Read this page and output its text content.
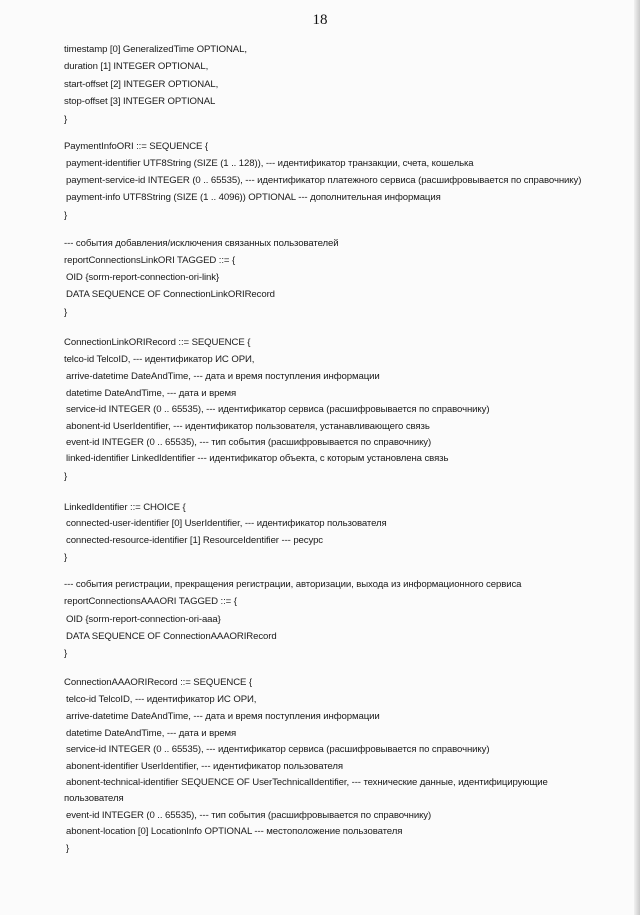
18
timestamp [0] GeneralizedTime OPTIONAL,
duration [1] INTEGER OPTIONAL,
start-offset [2] INTEGER OPTIONAL,
stop-offset [3] INTEGER OPTIONAL
}
PaymentInfoORI ::= SEQUENCE {
payment-identifier UTF8String (SIZE (1 .. 128)), --- идентификатор транзакции, счета, кошелька
payment-service-id INTEGER (0 .. 65535), --- идентификатор платежного сервиса (расшифровывается по справочнику)
payment-info UTF8String (SIZE (1 .. 4096)) OPTIONAL --- дополнительная информация
}
--- события добавления/исключения связанных пользователей
reportConnectionsLinkORI TAGGED ::= {
OID {sorm-report-connection-ori-link}
DATA SEQUENCE OF ConnectionLinkORIRecord
}
ConnectionLinkORIRecord ::= SEQUENCE {
telco-id TelcoID, --- идентификатор ИС ОРИ,
arrive-datetime DateAndTime, --- дата и время поступления информации
datetime DateAndTime, --- дата и время
service-id INTEGER (0 .. 65535), --- идентификатор сервиса (расшифровывается по справочнику)
abonent-id UserIdentifier, --- идентификатор пользователя, устанавливающего связь
event-id INTEGER (0 .. 65535), --- тип события (расшифровывается по справочнику)
linked-identifier LinkedIdentifier --- идентификатор объекта, с которым установлена связь
}
LinkedIdentifier ::= CHOICE {
connected-user-identifier [0] UserIdentifier, --- идентификатор пользователя
connected-resource-identifier [1] ResourceIdentifier --- ресурс
}
--- события регистрации, прекращения регистрации, авторизации, выхода из информационного сервиса
reportConnectionsAAAORI TAGGED ::= {
OID {sorm-report-connection-ori-aaa}
DATA SEQUENCE OF ConnectionAAAORIRecord
}
ConnectionAAAORIRecord ::= SEQUENCE {
telco-id TelcoID, --- идентификатор ИС ОРИ,
arrive-datetime DateAndTime, --- дата и время поступления информации
datetime DateAndTime, --- дата и время
service-id INTEGER (0 .. 65535), --- идентификатор сервиса (расшифровывается по справочнику)
abonent-identifier UserIdentifier, --- идентификатор пользователя
abonent-technical-identifier SEQUENCE OF UserTechnicalIdentifier, --- технические данные, идентифицирующие
пользователя
event-id INTEGER (0 .. 65535), --- тип события (расшифровывается по справочнику)
abonent-location [0] LocationInfo OPTIONAL --- местоположение пользователя
}
